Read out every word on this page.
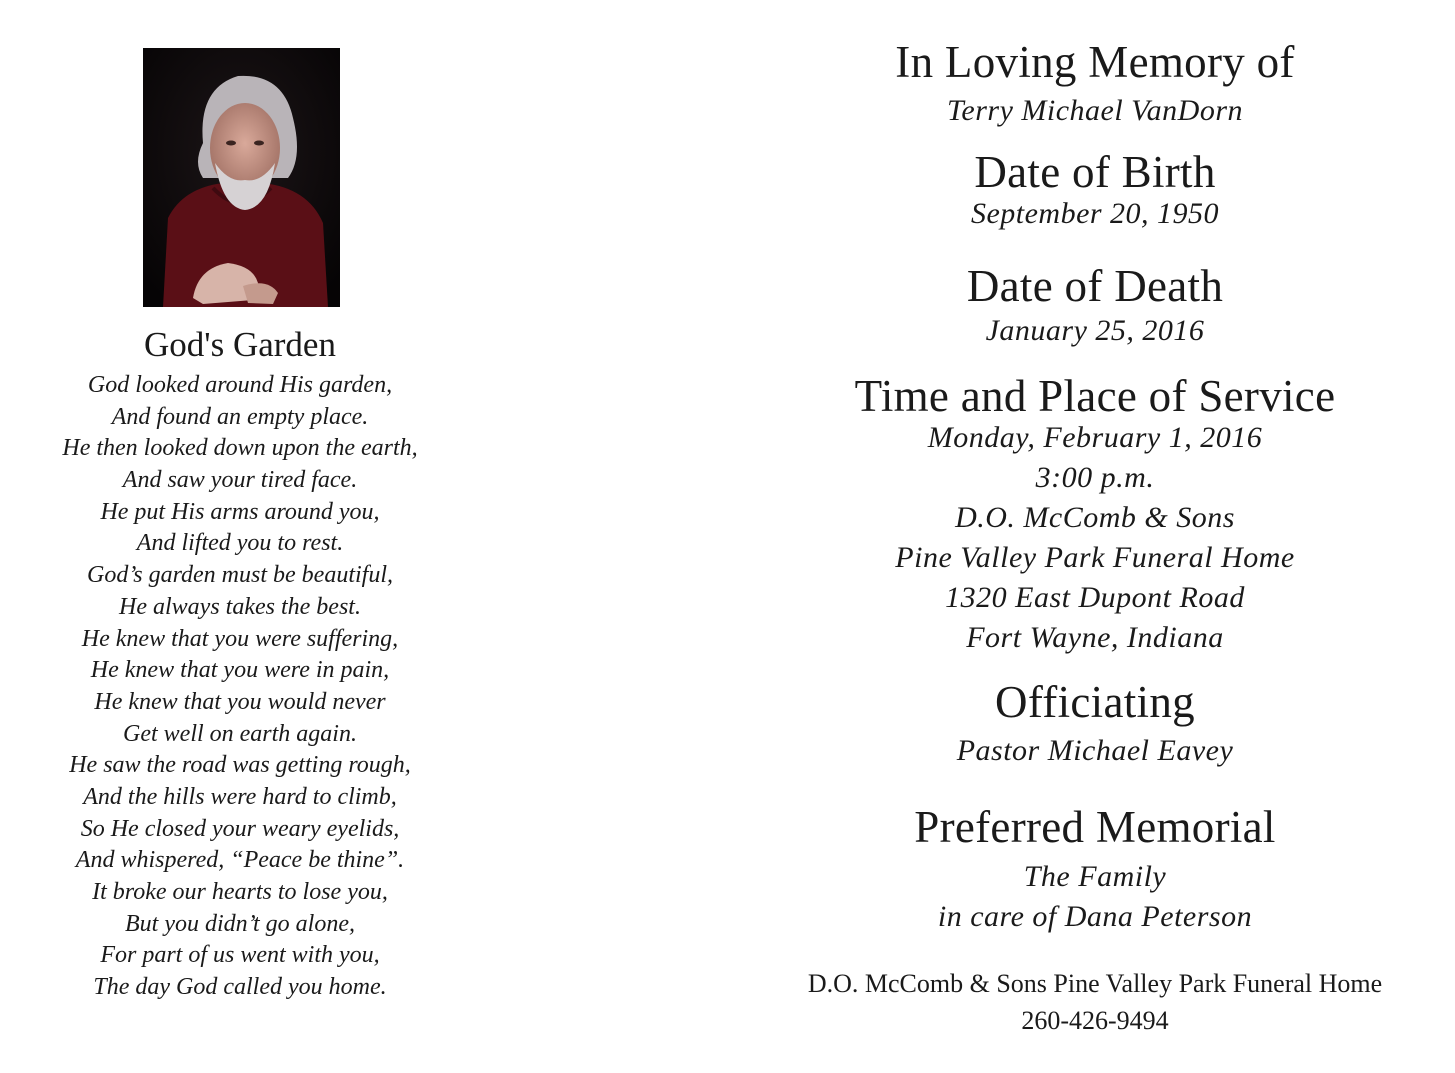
God's Garden
God looked around His garden,
And found an empty place.
He then looked down upon the earth,
And saw your tired face.
He put His arms around you,
And lifted you to rest.
God’s garden must be beautiful,
He always takes the best.
He knew that you were suffering,
He knew that you were in pain,
He knew that you would never
Get well on earth again.
He saw the road was getting rough,
And the hills were hard to climb,
So He closed your weary eyelids,
And whispered, “Peace be thine”.
It broke our hearts to lose you,
But you didn’t go alone,
For part of us went with you,
The day God called you home.
In Loving Memory of

Terry Michael VanDorn

Date of Birth

September 20, 1950

Date of Death

January 25, 2016

Time and Place of Service

Monday, February 1, 2016

3:00 p.m.

D.O. McComb & Sons

Pine Valley Park Funeral Home

1320 East Dupont Road

Fort Wayne, Indiana

Officiating

Pastor Michael Eavey

Preferred Memorial

The Family

in care of Dana Peterson

D.O. McComb & Sons Pine Valley Park Funeral Home

260-426-9494
